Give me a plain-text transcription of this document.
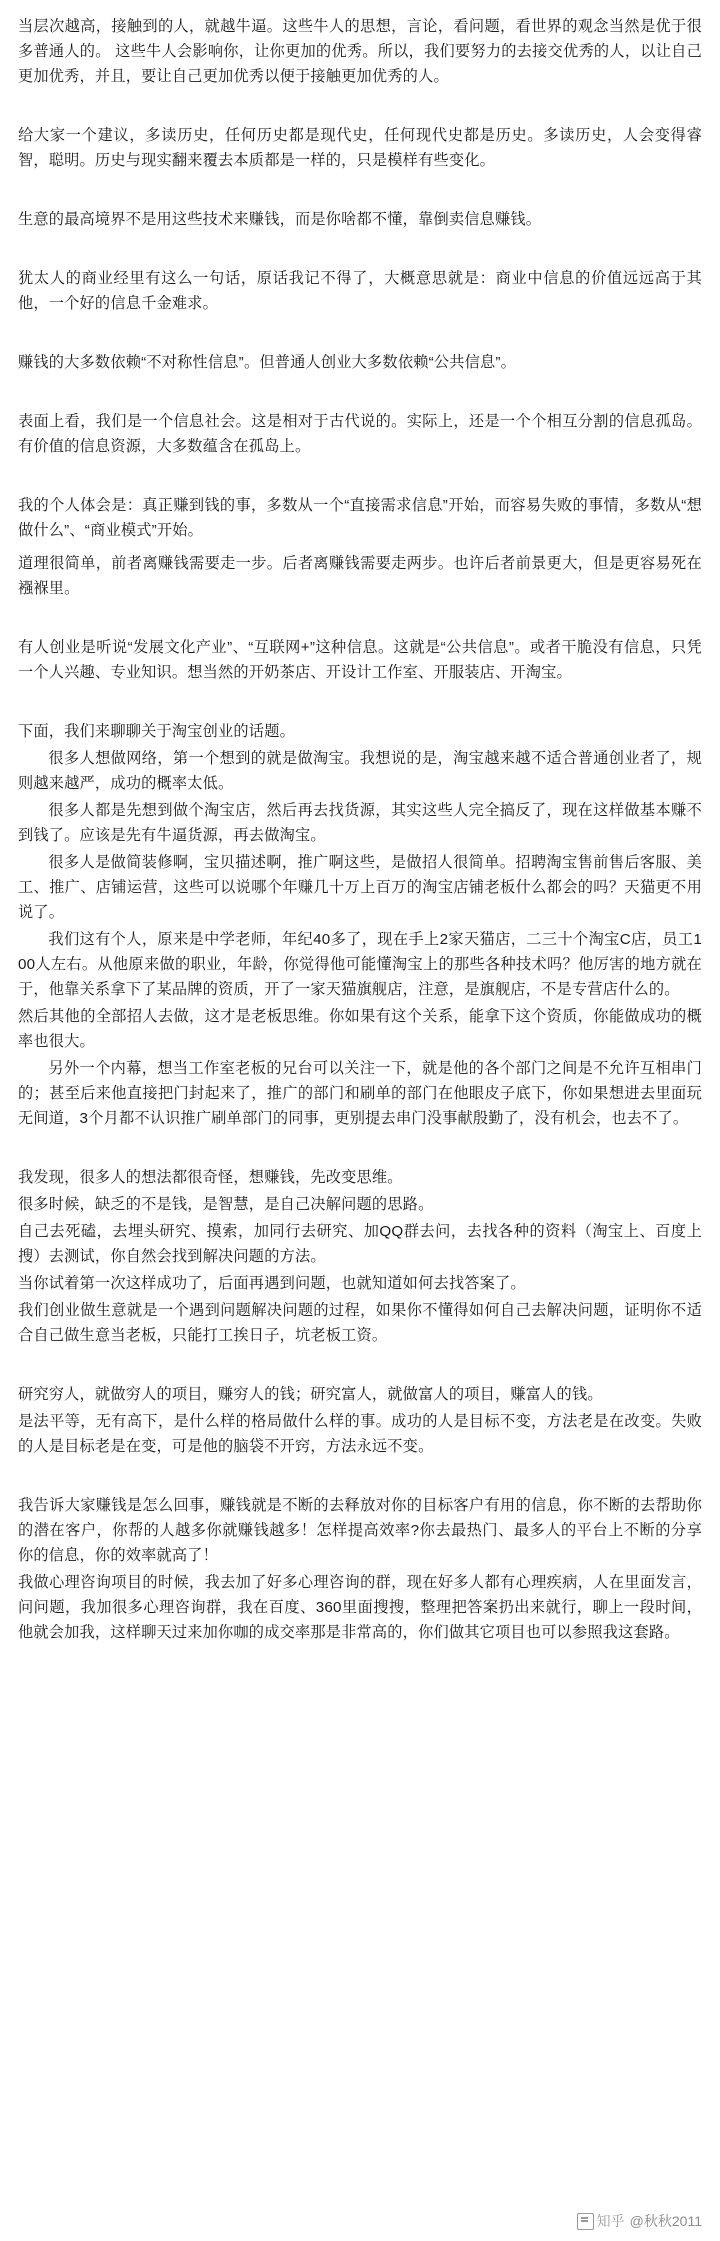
当层次越高，接触到的人，就越牛逼。这些牛人的思想，言论，看问题，看世界的观念当然是优于很多普通人的。 这些牛人会影响你，让你更加的优秀。所以，我们要努力的去接交优秀的人，以让自己更加优秀，并且，要让自己更加优秀以便于接触更加优秀的人。

给大家一个建议，多读历史，任何历史都是现代史，任何现代史都是历史。多读历史，人会变得睿智，聪明。历史与现实翻来覆去本质都是一样的，只是模样有些变化。

生意的最高境界不是用这些技术来赚钱，而是你啥都不懂，靠倒卖信息赚钱。

犹太人的商业经里有这么一句话，原话我记不得了，大概意思就是：商业中信息的价值远远高于其他，一个好的信息千金难求。

赚钱的大多数依赖“不对称性信息”。但普通人创业大多数依赖“公共信息”。

表面上看，我们是一个信息社会。这是相对于古代说的。实际上，还是一个个相互分割的信息孤岛。有价值的信息资源，大多数蕴含在孤岛上。

我的个人体会是：真正赚到钱的事，多数从一个“直接需求信息”开始，而容易失败的事情，多数从“想做什么”、“商业模式”开始。

道理很简单，前者离赚钱需要走一步。后者离赚钱需要走两步。也许后者前景更大，但是更容易死在襁褓里。

有人创业是听说“发展文化产业”、“互联网+”这种信息。这就是“公共信息”。或者干脆没有信息，只凭一个人兴趣、专业知识。想当然的开奶茶店、开设计工作室、开服装店、开淘宝。

下面，我们来聊聊关于淘宝创业的话题。

很多人想做网络，第一个想到的就是做淘宝。我想说的是，淘宝越来越不适合普通创业者了，规则越来越严，成功的概率太低。

很多人都是先想到做个淘宝店，然后再去找货源，其实这些人完全搞反了，现在这样做基本赚不到钱了。应该是先有牛逼货源，再去做淘宝。

很多人是做简装修啊，宝贝描述啊，推广啊这些，是做招人很简单。招聘淘宝售前售后客服、美工、推广、店铺运营，这些可以说哪个年赚几十万上百万的淘宝店铺老板什么都会的吗？天猫更不用说了。

我们这有个人，原来是中学老师，年纪40多了，现在手上2家天猫店，二三十个淘宝C店，员工100人左右。从他原来做的职业，年龄，你觉得他可能懂淘宝上的那些各种技术吗？他厉害的地方就在于，他靠关系拿下了某品牌的资质，开了一家天猫旗舰店，注意，是旗舰店，不是专营店什么的。

然后其他的全部招人去做，这才是老板思维。你如果有这个关系，能拿下这个资质，你能做成功的概率也很大。

另外一个内幕，想当工作室老板的兄台可以关注一下，就是他的各个部门之间是不允许互相串门的；甚至后来他直接把门封起来了，推广的部门和刷单的部门在他眼皮子底下，你如果想进去里面玩无间道，3个月都不认识推广刷单部门的同事，更别提去串门没事献殷勤了，没有机会，也去不了。

我发现，很多人的想法都很奇怪，想赚钱，先改变思维。

很多时候，缺乏的不是钱，是智慧，是自己决解问题的思路。

自己去死磕，去埋头研究、摸索，加同行去研究、加QQ群去问，去找各种的资料（淘宝上、百度上搜）去测试，你自然会找到解决问题的方法。

当你试着第一次这样成功了，后面再遇到问题，也就知道如何去找答案了。

我们创业做生意就是一个遇到问题解决问题的过程，如果你不懂得如何自己去解决问题，证明你不适合自己做生意当老板，只能打工挨日子，坑老板工资。

研究穷人，就做穷人的项目，赚穷人的钱；研究富人，就做富人的项目，赚富人的钱。

是法平等，无有高下，是什么样的格局做什么样的事。成功的人是目标不变，方法老是在改变。失败的人是目标老是在变，可是他的脑袋不开窍，方法永远不变。

我告诉大家赚钱是怎么回事，赚钱就是不断的去释放对你的目标客户有用的信息，你不断的去帮助你的潜在客户，你帮的人越多你就赚钱越多！怎样提高效率?你去最热门、最多人的平台上不断的分享你的信息，你的效率就高了！

我做心理咨询项目的时候，我去加了好多心理咨询的群，现在好多人都有心理疾病，人在里面发言，问问题，我加很多心理咨询群，我在百度、360里面搜搜，整理把答案扔出来就行，聊上一段时间，他就会加我，这样聊天过来加你咖的成交率那是非常高的，你们做其它项目也可以参照我这套路。

知乎 @秋秋2011
